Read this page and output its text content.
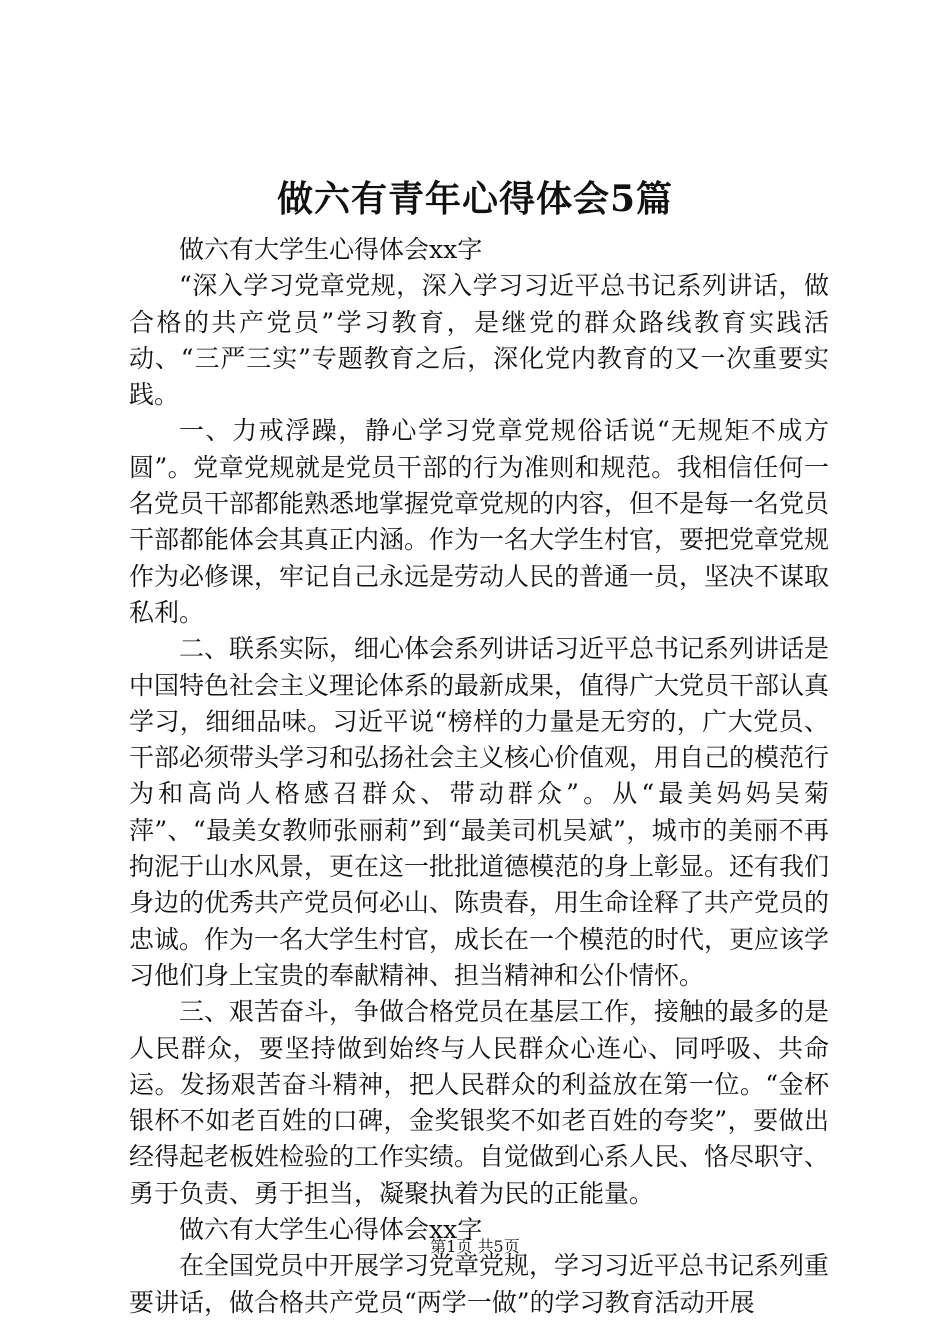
做六有青年心得体会5篇

做六有大学生心得体会xx字

“深入学习党章党规，深入学习习近平总书记系列讲话，做合格的共产党员”学习教育，是继党的群众路线教育实践活动、“三严三实”专题教育之后，深化党内教育的又一次重要实践。

一、力戒浮躁，静心学习党章党规俗话说“无规矩不成方圆”。党章党规就是党员干部的行为准则和规范。我相信任何一名党员干部都能熟悉地掌握党章党规的内容，但不是每一名党员干部都能体会其真正内涵。作为一名大学生村官，要把党章党规作为必修课，牢记自己永远是劳动人民的普通一员，坚决不谋取私利。

二、联系实际，细心体会系列讲话习近平总书记系列讲话是中国特色社会主义理论体系的最新成果，值得广大党员干部认真学习，细细品味。习近平说“榜样的力量是无穷的，广大党员、干部必须带头学习和弘扬社会主义核心价值观，用自己的模范行为和高尚人格感召群众、带动群众”。从“最美妈妈吴菊萍”、“最美女教师张丽莉”到“最美司机吴斌”，城市的美丽不再拘泥于山水风景，更在这一批批道德模范的身上彰显。还有我们身边的优秀共产党员何必山、陈贵春，用生命诠释了共产党员的忠诚。作为一名大学生村官，成长在一个模范的时代，更应该学习他们身上宝贵的奉献精神、担当精神和公仆情怀。

三、艰苦奋斗，争做合格党员在基层工作，接触的最多的是人民群众，要坚持做到始终与人民群众心连心、同呼吸、共命运。发扬艰苦奋斗精神，把人民群众的利益放在第一位。“金杯银杯不如老百姓的口碑，金奖银奖不如老百姓的夸奖”，要做出经得起老板姓检验的工作实绩。自觉做到心系人民、恪尽职守、勇于负责、勇于担当，凝聚执着为民的正能量。

做六有大学生心得体会xx字

在全国党员中开展学习党章党规，学习习近平总书记系列重要讲话，做合格共产党员“两学一做”的学习教育活动开展

第1页 共5页
